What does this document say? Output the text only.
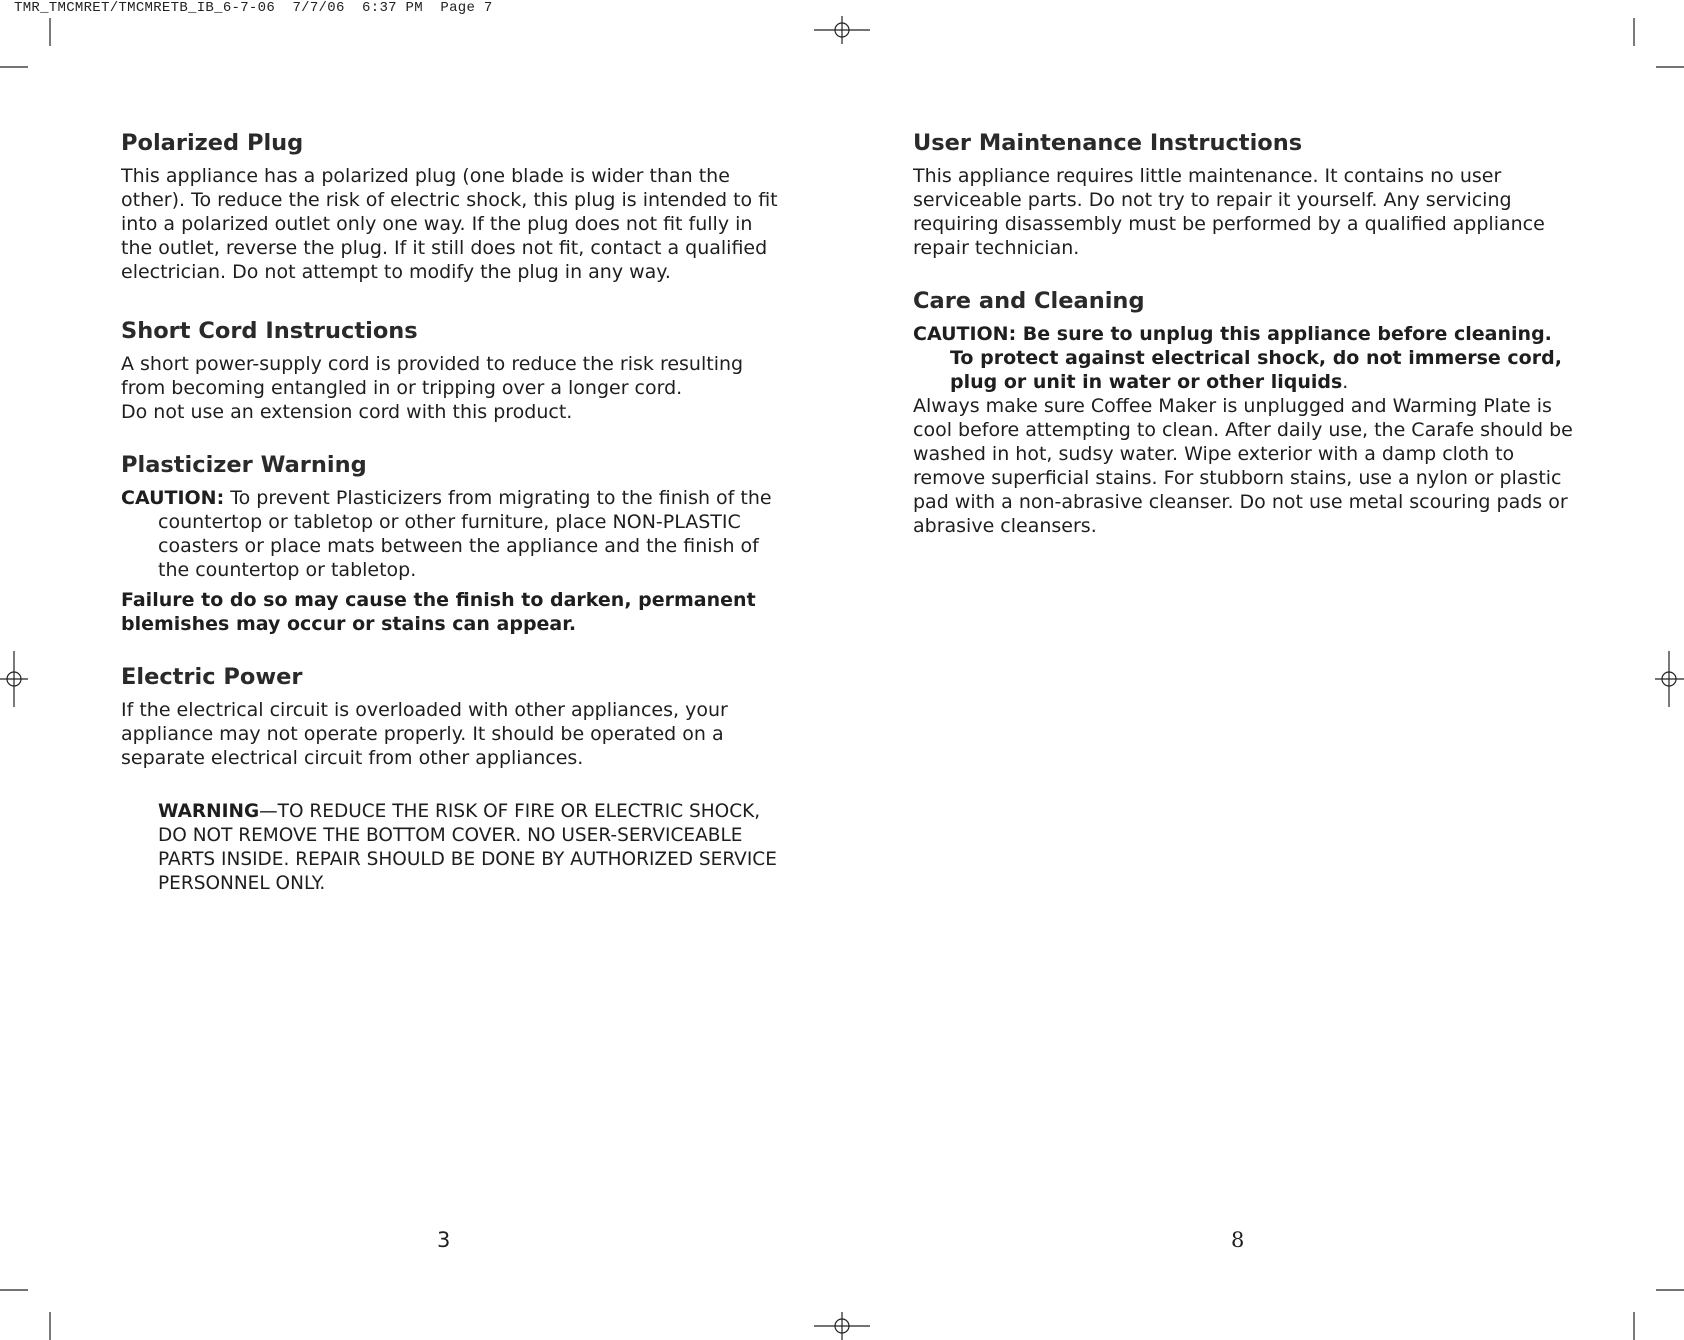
TMR_TMCMRET/TMCMRETB_IB_6-7-06  7/7/06  6:37 PM  Page 7
Polarized Plug

This appliance has a polarized plug (one blade is wider than the other). To reduce the risk of electric shock, this plug is intended to fit into a polarized outlet only one way. If the plug does not fit fully in the outlet, reverse the plug. If it still does not fit, contact a qualified electrician. Do not attempt to modify the plug in any way.

Short Cord Instructions

A short power-supply cord is provided to reduce the risk resulting from becoming entangled in or tripping over a longer cord.

Do not use an extension cord with this product.

Plasticizer Warning

CAUTION: To prevent Plasticizers from migrating to the finish of the countertop or tabletop or other furniture, place NON-PLASTIC coasters or place mats between the appliance and the finish of the countertop or tabletop.

Failure to do so may cause the finish to darken, permanent blemishes may occur or stains can appear.

Electric Power

If the electrical circuit is overloaded with other appliances, your appliance may not operate properly. It should be operated on a separate electrical circuit from other appliances.

WARNING—TO REDUCE THE RISK OF FIRE OR ELECTRIC SHOCK, DO NOT REMOVE THE BOTTOM COVER. NO USER-SERVICEABLE PARTS INSIDE. REPAIR SHOULD BE DONE BY AUTHORIZED SERVICE PERSONNEL ONLY.

User Maintenance Instructions

This appliance requires little maintenance. It contains no user serviceable parts. Do not try to repair it yourself. Any servicing requiring disassembly must be performed by a qualified appliance repair technician.

Care and Cleaning

CAUTION: Be sure to unplug this appliance before cleaning. To protect against electrical shock, do not immerse cord, plug or unit in water or other liquids.

Always make sure Coffee Maker is unplugged and Warming Plate is cool before attempting to clean. After daily use, the Carafe should be washed in hot, sudsy water. Wipe exterior with a damp cloth to remove superficial stains. For stubborn stains, use a nylon or plastic pad with a non-abrasive cleanser. Do not use metal scouring pads or abrasive cleansers.

3	8
